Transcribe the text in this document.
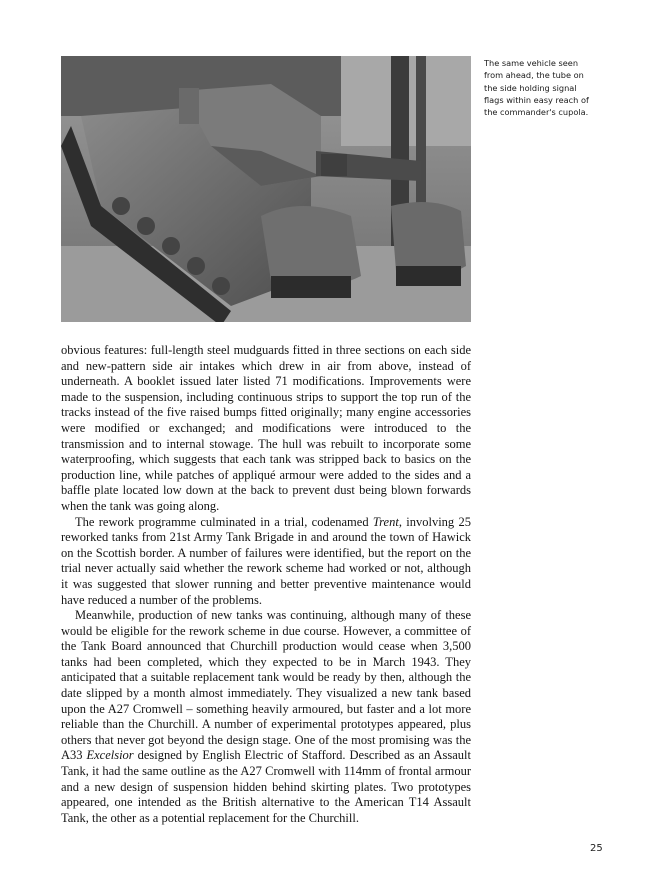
The same vehicle seen from ahead, the tube on the side holding signal flags within easy reach of the commander's cupola.

obvious features: full-length steel mudguards fitted in three sections on each side and new-pattern side air intakes which drew in air from above, instead of underneath. A booklet issued later listed 71 modifications. Improvements were made to the suspension, including continuous strips to support the top run of the tracks instead of the five raised bumps fitted originally; many engine accessories were modified or exchanged; and modifications were introduced to the transmission and to internal stowage. The hull was rebuilt to incorporate some waterproofing, which suggests that each tank was stripped back to basics on the production line, while patches of appliqué armour were added to the sides and a baffle plate located low down at the back to prevent dust being blown forwards when the tank was going along.

The rework programme culminated in a trial, codenamed Trent, involving 25 reworked tanks from 21st Army Tank Brigade in and around the town of Hawick on the Scottish border. A number of failures were identified, but the report on the trial never actually said whether the rework scheme had worked or not, although it was suggested that slower running and better preventive maintenance would have reduced a number of the problems.

Meanwhile, production of new tanks was continuing, although many of these would be eligible for the rework scheme in due course. However, a committee of the Tank Board announced that Churchill production would cease when 3,500 tanks had been completed, which they expected to be in March 1943. They anticipated that a suitable replacement tank would be ready by then, although the date slipped by a month almost immediately. They visualized a new tank based upon the A27 Cromwell – something heavily armoured, but faster and a lot more reliable than the Churchill. A number of experimental prototypes appeared, plus others that never got beyond the design stage. One of the most promising was the A33 Excelsior designed by English Electric of Stafford. Described as an Assault Tank, it had the same outline as the A27 Cromwell with 114mm of frontal armour and a new design of suspension hidden behind skirting plates. Two prototypes appeared, one intended as the British alternative to the American T14 Assault Tank, the other as a potential replacement for the Churchill.

25
